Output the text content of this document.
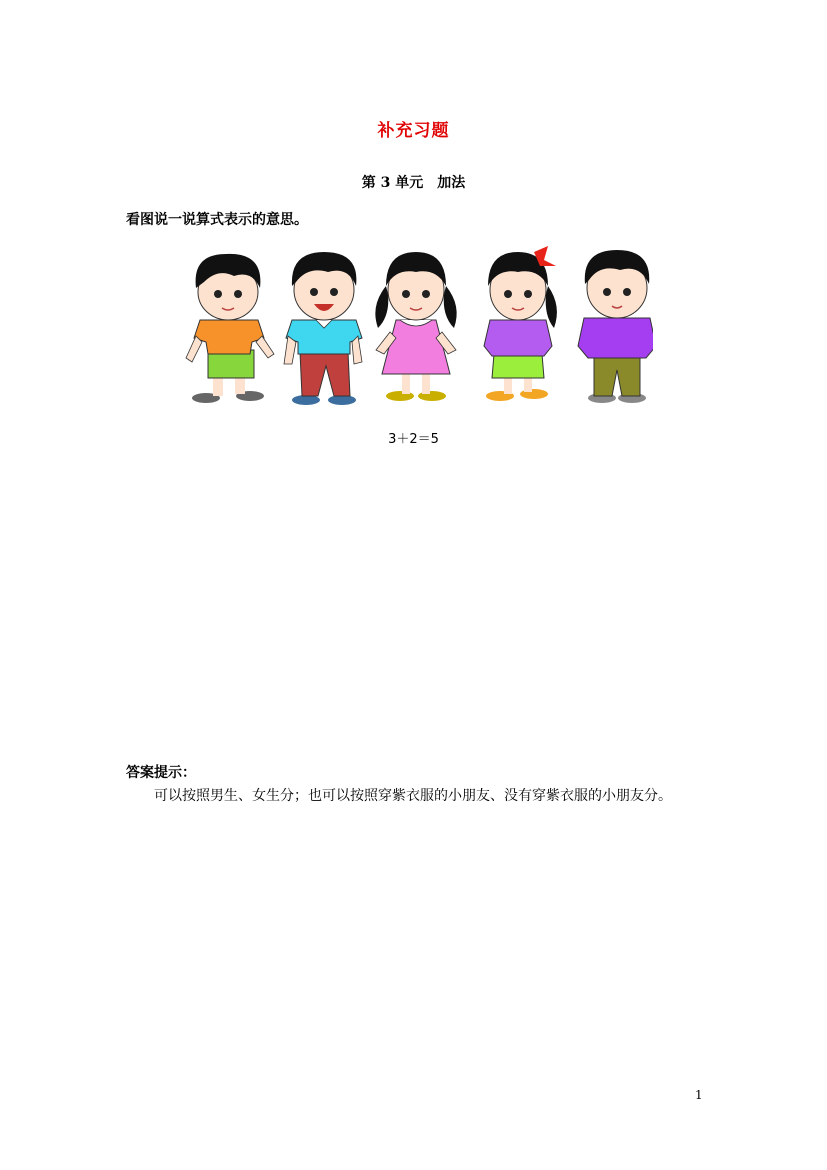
补充习题
第 3 单元 加法
看图说一说算式表示的意思。
3＋2＝5
答案提示：
可以按照男生、女生分；也可以按照穿紫衣服的小朋友、没有穿紫衣服的小朋友分。
1
